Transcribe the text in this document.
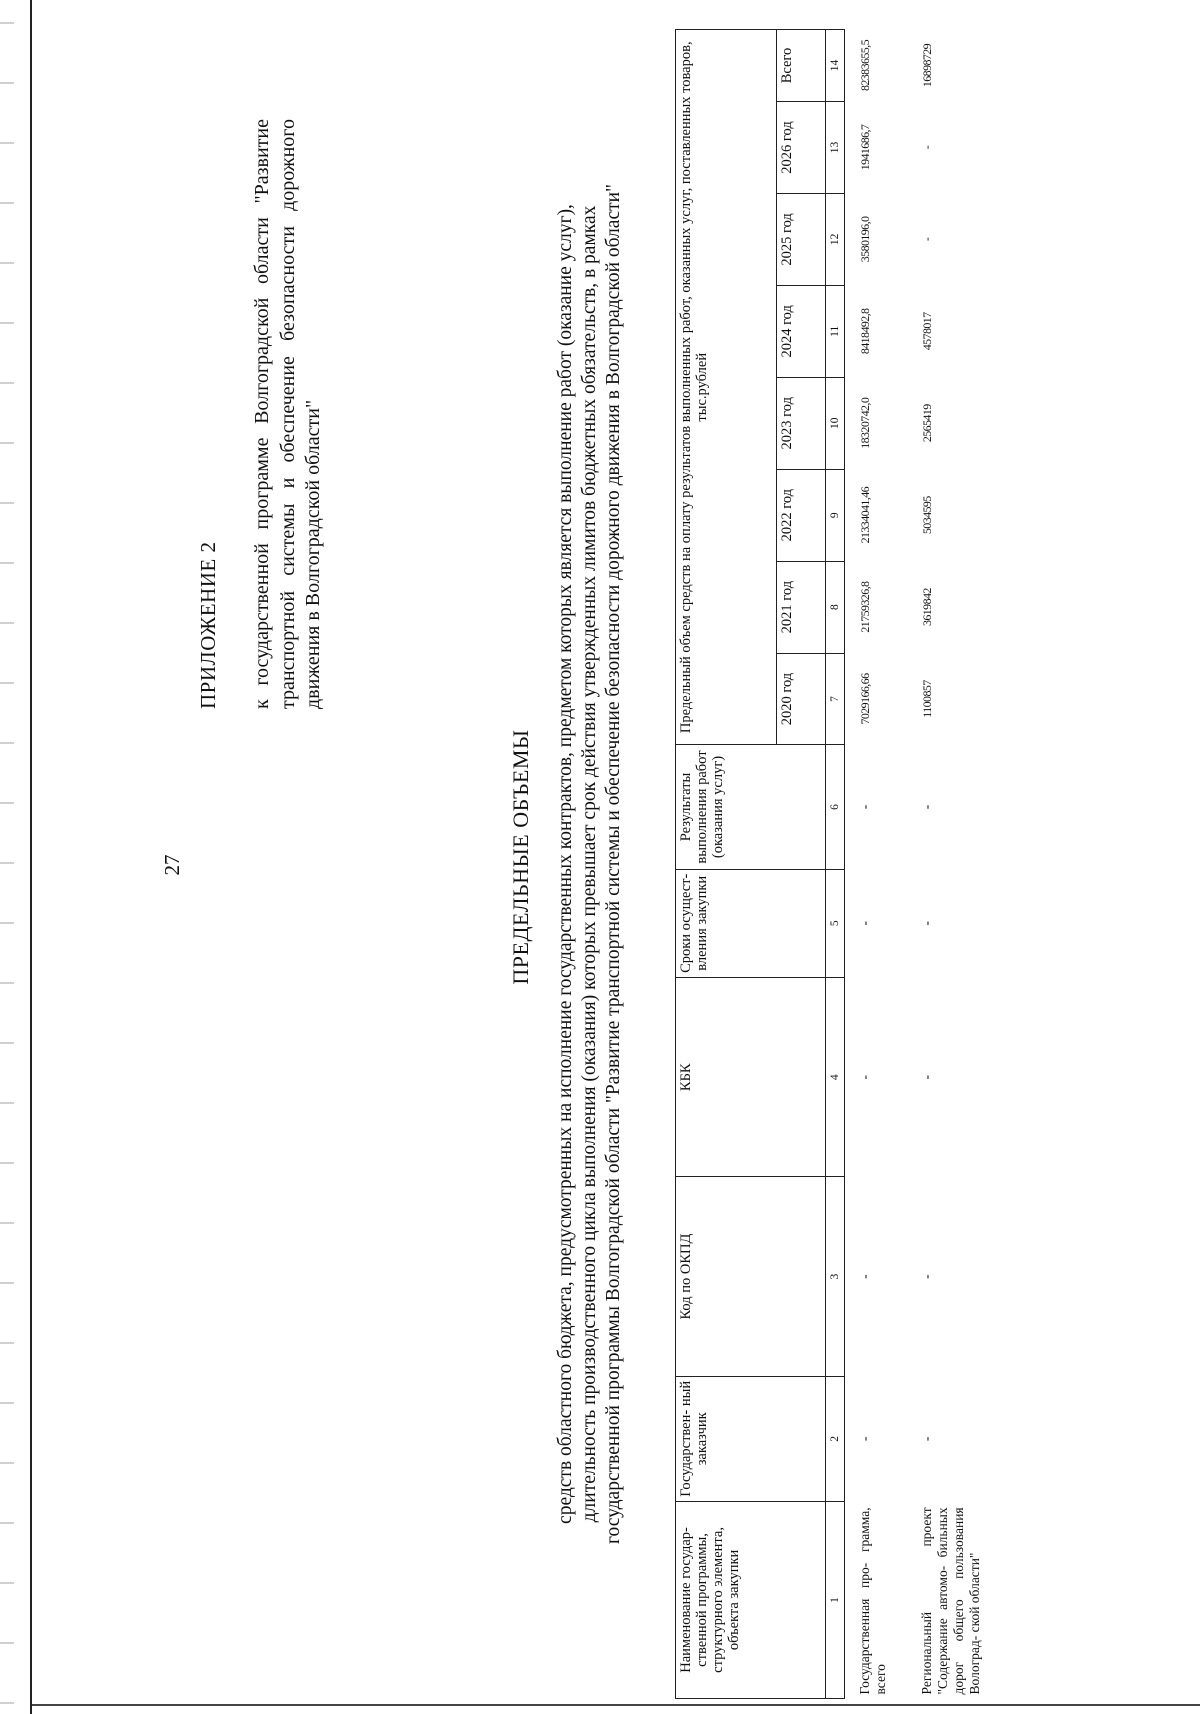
27
ПРИЛОЖЕНИЕ 2 к государственной программе Волгоградской области "Развитие транспортной системы и обеспечение безопасности дорожного движения в Волгоградской области"
ПРЕДЕЛЬНЫЕ ОБЪЕМЫ средств областного бюджета, предусмотренных на исполнение государственных контрактов, предметом которых является выполнение работ (оказание услуг), длительность производственного цикла выполнения (оказания) которых превышает срок действия утвержденных лимитов бюджетных обязательств, в рамках государственной программы Волгоградской области "Развитие транспортной системы и обеспечение безопасности дорожного движения в Волгоградской области"
Наименование государ- ственной программы, структурного элемента, объекта закупки	Государствен- ный заказчик	Код по ОКПД	КБК	Сроки осущест- вления закупки	Результаты выполнения работ (оказания услуг)	Предельный объем средств на оплату результатов выполненных работ, оказанных услуг, поставленных товаров, тыс.рублей							
						2020 год	2021 год	2022 год	2023 год	2024 год	2025 год	2026 год	Всего
1	2	3	4	5	6	7	8	9	10	11	12	13	14
Государственная про- грамма, всего	-	-	-	-	-	7029166,66	21759326,8	21334041,46	18320742,0	8418492,8	3580196,0	1941686,7	82383655,5
Региональный проект "Содержание автомо- бильных дорог общего пользования Волоград- ской области"	-	-	-	-	-	1100857	3619842	5034595	2565419	4578017	-	-	16898729
